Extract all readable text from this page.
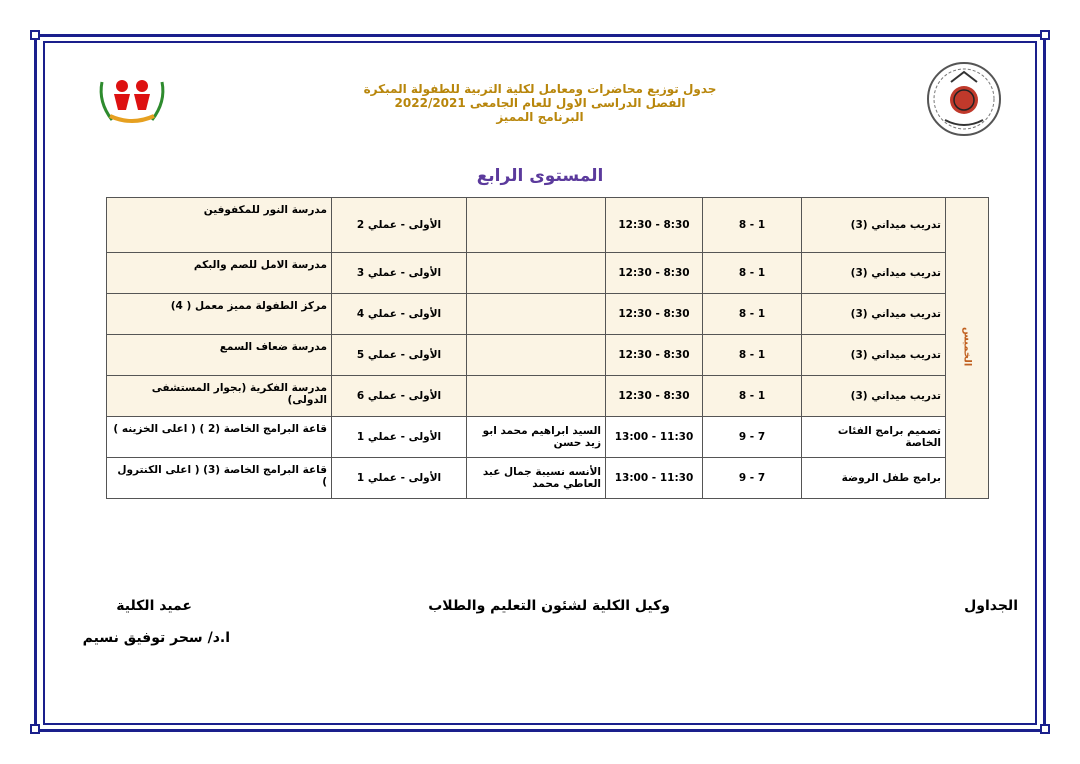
جدول توزيع محاضرات ومعامل لكلية التربية للطفولة المبكرة
الفصل الدراسى الاول للعام الجامعى 2022/2021
البرنامج المميز
المستوى الرابع
الخميس	تدريب ميداني (3)	1 - 8	8:30 - 12:30		الأولى - عملي 2	مدرسة النور للمكفوفين
	تدريب ميداني (3)	1 - 8	8:30 - 12:30		الأولى - عملي 3	مدرسة الامل للصم والبكم
	تدريب ميداني (3)	1 - 8	8:30 - 12:30		الأولى - عملي 4	مركز الطفولة مميز معمل ( 4)
	تدريب ميداني (3)	1 - 8	8:30 - 12:30		الأولى - عملي 5	مدرسة ضعاف السمع
	تدريب ميداني (3)	1 - 8	8:30 - 12:30		الأولى - عملي 6	مدرسة الفكرية (بجوار المستشفى الدولى)
	تصميم برامج الفئات الخاصة	7 - 9	11:30 - 13:00	السيد ابراهيم محمد ابو زيد حسن	الأولى - عملي 1	قاعة البرامج الخاصة (2 ) ( اعلى الخزينه )
	برامج طفل الروضة	7 - 9	11:30 - 13:00	الأنسه نسيبة جمال عبد العاطي محمد	الأولى - عملي 1	قاعة البرامج الخاصة (3) ( اعلى الكنترول )
الجداول
وكيل الكلية لشئون التعليم والطلاب
عميد الكلية
ا.د/ سحر توفيق نسيم
